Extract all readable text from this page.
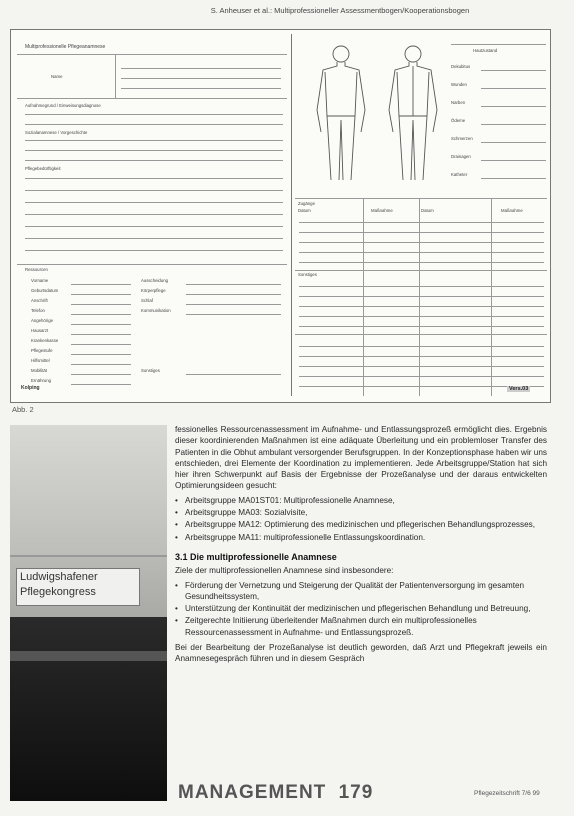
S. Anheuser et al.: Multiprofessioneller Assessmentbogen/Kooperationsbogen
Multiprofessionelle Pflegeanamnese
Name
Aufnahmegrund / Einweisungsdiagnose
Sozialanamnese / Vorgeschichte
Pflegebedürftigkeit
Ressourcen
Vorname
Geburtsdatum
Anschrift
Telefon
Angehörige
Hausarzt
Krankenkasse
Pflegestufe
Hilfsmittel
Mobilität
Ernährung
Ausscheidung
Körperpflege
Schlaf
Kommunikation
Sonstiges
Hautzustand
Dekubitus
Wunden
Narben
Ödeme
Schmerzen
Drainagen
Katheter
Zugänge
Datum	Maßnahme	Datum	Maßnahme
Sonstiges
Kolping	Vers.03
Abb. 2
Ludwigshafener
Pflegekongress

fessionelles Ressourcenassessment im Aufnahme- und Entlassungsprozeß ermöglicht dies. Ergebnis dieser koordinierenden Maßnahmen ist eine adäquate Überleitung und ein problemloser Transfer des Patienten in die Obhut ambulant versorgender Berufsgruppen. In der Konzeptionsphase haben wir uns entschieden, drei Elemente der Koordination zu implementieren. Jede Arbeitsgruppe/Station hat sich hier ihren Schwerpunkt auf Basis der Ergebnisse der Prozeßanalyse und der daraus entwickelten Optimierungsideen gesucht:

• Arbeitsgruppe MA01ST01: Multiprofessionelle Anamnese,
• Arbeitsgruppe MA03: Sozialvisite,
• Arbeitsgruppe MA12: Optimierung des medizinischen und pflegerischen Behandlungsprozesses,
• Arbeitsgruppe MA11: multiprofessionelle Entlassungskoordination.
3.1 Die multiprofessionelle Anamnese

Ziele der multiprofessionellen Anamnese sind insbesondere:

• Förderung der Vernetzung und Steigerung der Qualität der Patientenversorgung im gesamten Gesundheitssystem,
• Unterstützung der Kontinuität der medizinischen und pflegerischen Behandlung und Betreuung,
• Zeitgerechte Initiierung überleitender Maßnahmen durch ein multiprofessionelles Ressourcenassessment in Aufnahme- und Entlassungsprozeß.

Bei der Bearbeitung der Prozeßanalyse ist deutlich geworden, daß Arzt und Pflegekraft jeweils ein Anamnesegespräch führen und in diesem Gespräch

MANAGEMENT 179	Pflegezeitschrift 7/6 99
